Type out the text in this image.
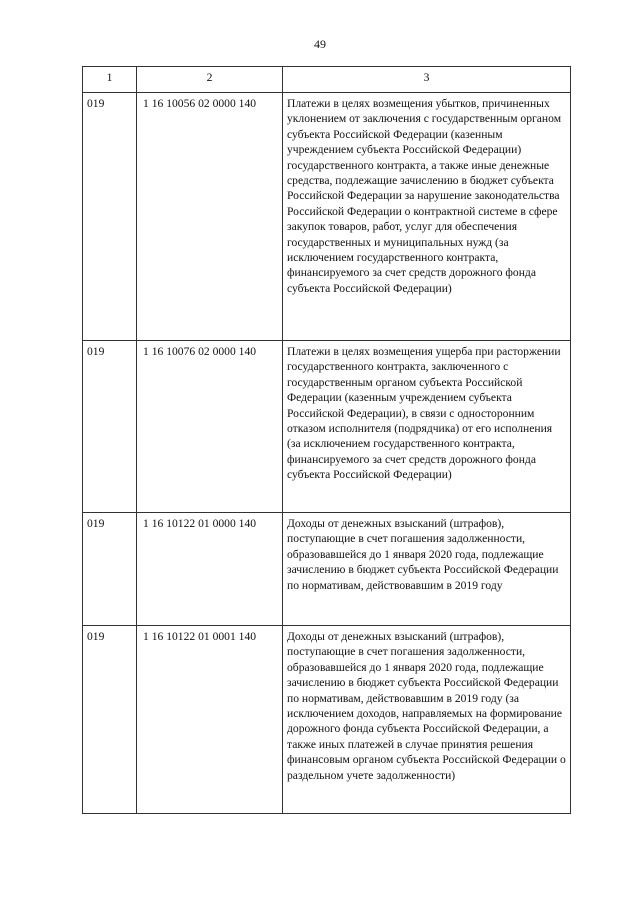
49
1	2	3
019	1 16 10056 02 0000 140	Платежи в целях возмещения убытков, причиненных уклонением от заключения с государственным органом субъекта Российской Федерации (казенным учреждением субъекта Российской Федерации) государственного контракта, а также иные денежные средства, подлежащие зачислению в бюджет субъекта Российской Федерации за нарушение законодательства Российской Федерации о контрактной системе в сфере закупок товаров, работ, услуг для обеспечения государственных и муниципальных нужд (за исключением государственного контракта, финансируемого за счет средств дорожного фонда субъекта Российской Федерации)
019	1 16 10076 02 0000 140	Платежи в целях возмещения ущерба при расторжении государственного контракта, заключенного с государственным органом субъекта Российской Федерации (казенным учреждением субъекта Российской Федерации), в связи с односторонним отказом исполнителя (подрядчика) от его исполнения (за исключением государственного контракта, финансируемого за счет средств дорожного фонда субъекта Российской Федерации)
019	1 16 10122 01 0000 140	Доходы от денежных взысканий (штрафов), поступающие в счет погашения задолженности, образовавшейся до 1 января 2020 года, подлежащие зачислению в бюджет субъекта Российской Федерации по нормативам, действовавшим в 2019 году
019	1 16 10122 01 0001 140	Доходы от денежных взысканий (штрафов), поступающие в счет погашения задолженности, образовавшейся до 1 января 2020 года, подлежащие зачислению в бюджет субъекта Российской Федерации по нормативам, действовавшим в 2019 году (за исключением доходов, направляемых на формирование дорожного фонда субъекта Российской Федерации, а также иных платежей в случае принятия решения финансовым органом субъекта Российской Федерации о раздельном учете задолженности)
